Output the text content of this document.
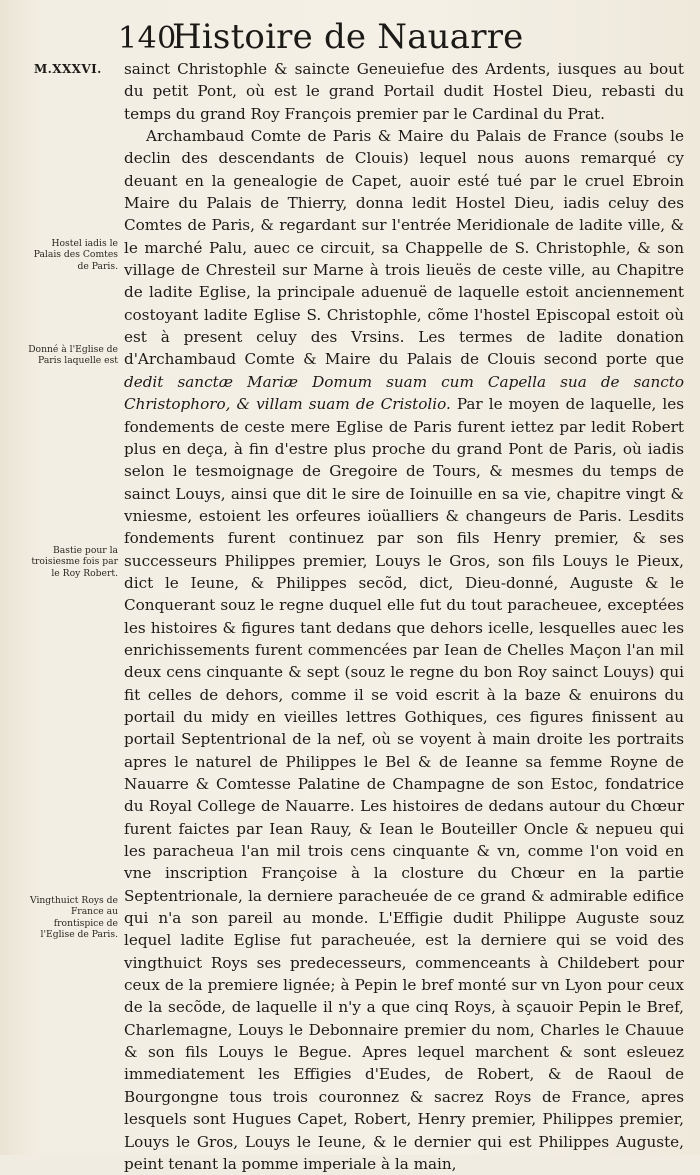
140
Histoire de Nauarre
M.XXXVI.
Hostel iadis le Palais des Comtes de Paris.
Donné à l'Eglise de Paris laquelle est
Bastie pour la troisiesme fois par le Roy Robert.
Vingthuict Roys de France au frontispice de l'Eglise de Paris.

sainct Christophle & saincte Geneuiefue des Ardents, iusques au bout du petit Pont, où est le grand Portail dudit Hostel Dieu, rebasti du temps du grand Roy François premier par le Cardinal du Prat.

Archambaud Comte de Paris & Maire du Palais de France (soubs le declin des descendants de Clouis) lequel nous auons remarqué cy deuant en la genealogie de Capet, auoir esté tué par le cruel Ebroin Maire du Palais de Thierry, donna ledit Hostel Dieu, iadis celuy des Comtes de Paris, & regardant sur l'entrée Meridionale de ladite ville, & le marché Palu, auec ce circuit, sa Chappelle de S. Christophle, & son village de Chresteil sur Marne à trois lieuës de ceste ville, au Chapitre de ladite Eglise, la principale aduenuë de laquelle estoit anciennement costoyant ladite Eglise S. Christophle, cõme l'hostel Episcopal estoit où est à present celuy des Vrsins. Les termes de ladite donation d'Archambaud Comte & Maire du Palais de Clouis second porte que dedit sanctæ Mariæ Domum suam cum Capella sua de sancto Christophoro, & villam suam de Cristolio. Par le moyen de laquelle, les fondements de ceste mere Eglise de Paris furent iettez par ledit Robert plus en deça, à fin d'estre plus proche du grand Pont de Paris, où iadis selon le tesmoignage de Gregoire de Tours, & mesmes du temps de sainct Louys, ainsi que dit le sire de Ioinuille en sa vie, chapitre vingt & vniesme, estoient les orfeures ioüalliers & changeurs de Paris. Lesdits fondements furent continuez par son fils Henry premier, & ses successeurs Philippes premier, Louys le Gros, son fils Louys le Pieux, dict le Ieune, & Philippes secõd, dict, Dieu-donné, Auguste & le Conquerant souz le regne duquel elle fut du tout paracheuee, exceptées les histoires & figures tant dedans que dehors icelle, lesquelles auec les enrichissements furent commencées par Iean de Chelles Maçon l'an mil deux cens cinquante & sept (souz le regne du bon Roy sainct Louys) qui fit celles de dehors, comme il se void escrit à la baze & enuirons du portail du midy en vieilles lettres Gothiques, ces figures finissent au portail Septentrional de la nef, où se voyent à main droite les portraits apres le naturel de Philippes le Bel & de Ieanne sa femme Royne de Nauarre & Comtesse Palatine de Champagne de son Estoc, fondatrice du Royal College de Nauarre. Les histoires de dedans autour du Chœur furent faictes par Iean Rauy, & Iean le Bouteiller Oncle & nepueu qui les paracheua l'an mil trois cens cinquante & vn, comme l'on void en vne inscription Françoise à la closture du Chœur en la partie Septentrionale, la derniere paracheuée de ce grand & admirable edifice qui n'a son pareil au monde. L'Effigie dudit Philippe Auguste souz lequel ladite Eglise fut paracheuée, est la derniere qui se void des vingthuict Roys ses predecesseurs, commenceants à Childebert pour ceux de la premiere lignée; à Pepin le bref monté sur vn Lyon pour ceux de la secõde, de laquelle il n'y a que cinq Roys, à sçauoir Pepin le Bref, Charlemagne, Louys le Debonnaire premier du nom, Charles le Chauue & son fils Louys le Begue. Apres lequel marchent & sont esleuez immediatement les Effigies d'Eudes, de Robert, & de Raoul de Bourgongne tous trois couronnez & sacrez Roys de France, apres lesquels sont Hugues Capet, Robert, Henry premier, Philippes premier, Louys le Gros, Louys le Ieune, & le dernier qui est Philippes Auguste, peint tenant la pomme imperiale à la main,
